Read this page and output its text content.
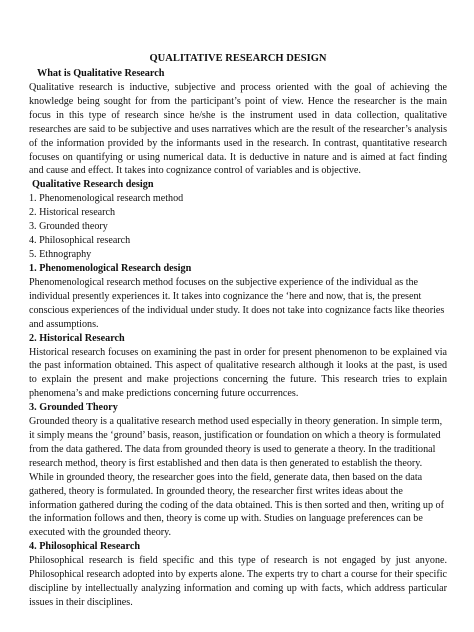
QUALITATIVE RESEARCH DESIGN
What is Qualitative Research

Qualitative research is inductive, subjective and process oriented with the goal of achieving the knowledge being sought for from the participant’s point of view. Hence the researcher is the main focus in this type of research since he/she is the instrument used in data collection, qualitative researches are said to be subjective and uses narratives which are the result of the researcher’s analysis of the information provided by the informants used in the research. In contrast, quantitative research focuses on quantifying or using numerical data. It is deductive in nature and is aimed at fact finding and cause and effect. It takes into cognizance control of variables and is objective.

Qualitative Research design
1. Phenomenological research method
2. Historical research
3. Grounded theory
4. Philosophical research
5. Ethnography
1. Phenomenological Research design

Phenomenological research method focuses on the subjective experience of the individual as the individual presently experiences it. It takes into cognizance the ‘here and now, that is, the present conscious experiences of the individual under study. It does not take into cognizance facts like theories and assumptions.

2. Historical Research

Historical research focuses on examining the past in order for present phenomenon to be explained via the past information obtained. This aspect of qualitative research although it looks at the past, is used to explain the present and make projections concerning the future. This research tries to explain phenomena’s and make predictions concerning future occurrences.

3. Grounded Theory

Grounded theory is a qualitative research method used especially in theory generation. In simple term, it simply means the ‘ground’ basis, reason, justification or foundation on which a theory is formulated from the data gathered. The data from grounded theory is used to generate a theory. In the traditional research method, theory is first established and then data is then generated to establish the theory. While in grounded theory, the researcher goes into the field, generate data, then based on the data gathered, theory is formulated. In grounded theory, the researcher first writes ideas about the information gathered during the coding of the data obtained. This is then sorted and then, writing up of the information follows and then, theory is come up with. Studies on language preferences can be executed with the grounded theory.

4. Philosophical Research

Philosophical research is field specific and this type of research is not engaged by just anyone. Philosophical research adopted into by experts alone. The experts try to chart a course for their specific discipline by intellectually analyzing information and coming up with facts, which address particular issues in their disciplines.
